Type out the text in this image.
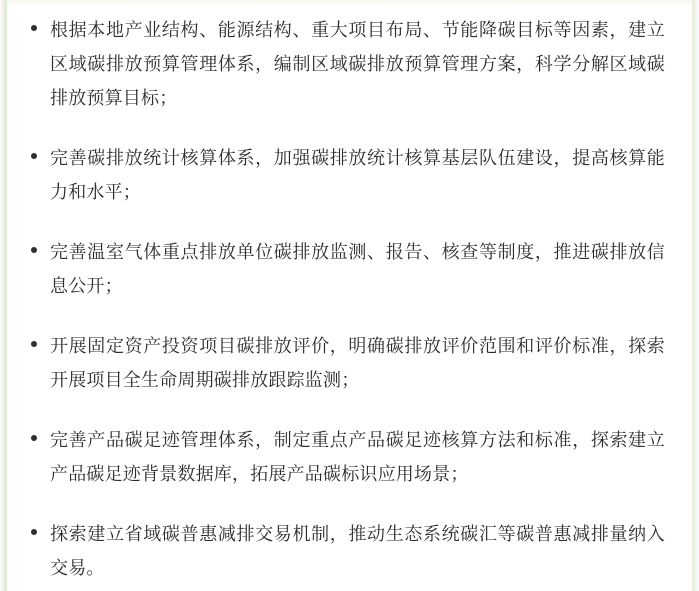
根据本地产业结构、能源结构、重大项目布局、节能降碳目标等因素，建立区域碳排放预算管理体系，编制区域碳排放预算管理方案，科学分解区域碳排放预算目标；
完善碳排放统计核算体系，加强碳排放统计核算基层队伍建设，提高核算能力和水平；
完善温室气体重点排放单位碳排放监测、报告、核查等制度，推进碳排放信息公开；
开展固定资产投资项目碳排放评价，明确碳排放评价范围和评价标准，探索开展项目全生命周期碳排放跟踪监测；
完善产品碳足迹管理体系，制定重点产品碳足迹核算方法和标准，探索建立产品碳足迹背景数据库，拓展产品碳标识应用场景；
探索建立省域碳普惠减排交易机制，推动生态系统碳汇等碳普惠减排量纳入交易。
